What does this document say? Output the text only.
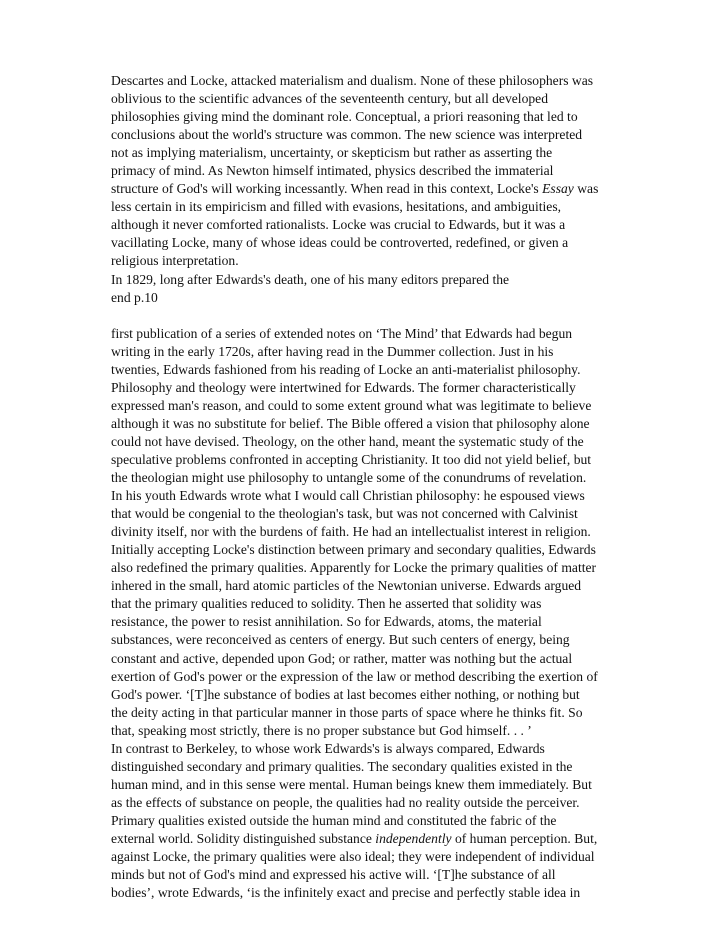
Descartes and Locke, attacked materialism and dualism. None of these philosophers was
oblivious to the scientific advances of the seventeenth century, but all developed
philosophies giving mind the dominant role. Conceptual, a priori reasoning that led to
conclusions about the world's structure was common. The new science was interpreted
not as implying materialism, uncertainty, or skepticism but rather as asserting the
primacy of mind. As Newton himself intimated, physics described the immaterial
structure of God's will working incessantly. When read in this context, Locke's Essay was
less certain in its empiricism and filled with evasions, hesitations, and ambiguities,
although it never comforted rationalists. Locke was crucial to Edwards, but it was a
vacillating Locke, many of whose ideas could be controverted, redefined, or given a
religious interpretation.
In 1829, long after Edwards's death, one of his many editors prepared the
end p.10
first publication of a series of extended notes on ‘The Mind’ that Edwards had begun
writing in the early 1720s, after having read in the Dummer collection. Just in his
twenties, Edwards fashioned from his reading of Locke an anti-materialist philosophy.
Philosophy and theology were intertwined for Edwards. The former characteristically
expressed man's reason, and could to some extent ground what was legitimate to believe
although it was no substitute for belief. The Bible offered a vision that philosophy alone
could not have devised. Theology, on the other hand, meant the systematic study of the
speculative problems confronted in accepting Christianity. It too did not yield belief, but
the theologian might use philosophy to untangle some of the conundrums of revelation.
In his youth Edwards wrote what I would call Christian philosophy: he espoused views
that would be congenial to the theologian's task, but was not concerned with Calvinist
divinity itself, nor with the burdens of faith. He had an intellectualist interest in religion.
Initially accepting Locke's distinction between primary and secondary qualities, Edwards
also redefined the primary qualities. Apparently for Locke the primary qualities of matter
inhered in the small, hard atomic particles of the Newtonian universe. Edwards argued
that the primary qualities reduced to solidity. Then he asserted that solidity was
resistance, the power to resist annihilation. So for Edwards, atoms, the material
substances, were reconceived as centers of energy. But such centers of energy, being
constant and active, depended upon God; or rather, matter was nothing but the actual
exertion of God's power or the expression of the law or method describing the exertion of
God's power. ‘[T]he substance of bodies at last becomes either nothing, or nothing but
the deity acting in that particular manner in those parts of space where he thinks fit. So
that, speaking most strictly, there is no proper substance but God himself. . . ’
In contrast to Berkeley, to whose work Edwards's is always compared, Edwards
distinguished secondary and primary qualities. The secondary qualities existed in the
human mind, and in this sense were mental. Human beings knew them immediately. But
as the effects of substance on people, the qualities had no reality outside the perceiver.
Primary qualities existed outside the human mind and constituted the fabric of the
external world. Solidity distinguished substance independently of human perception. But,
against Locke, the primary qualities were also ideal; they were independent of individual
minds but not of God's mind and expressed his active will. ‘[T]he substance of all
bodies’, wrote Edwards, ‘is the infinitely exact and precise and perfectly stable idea in
